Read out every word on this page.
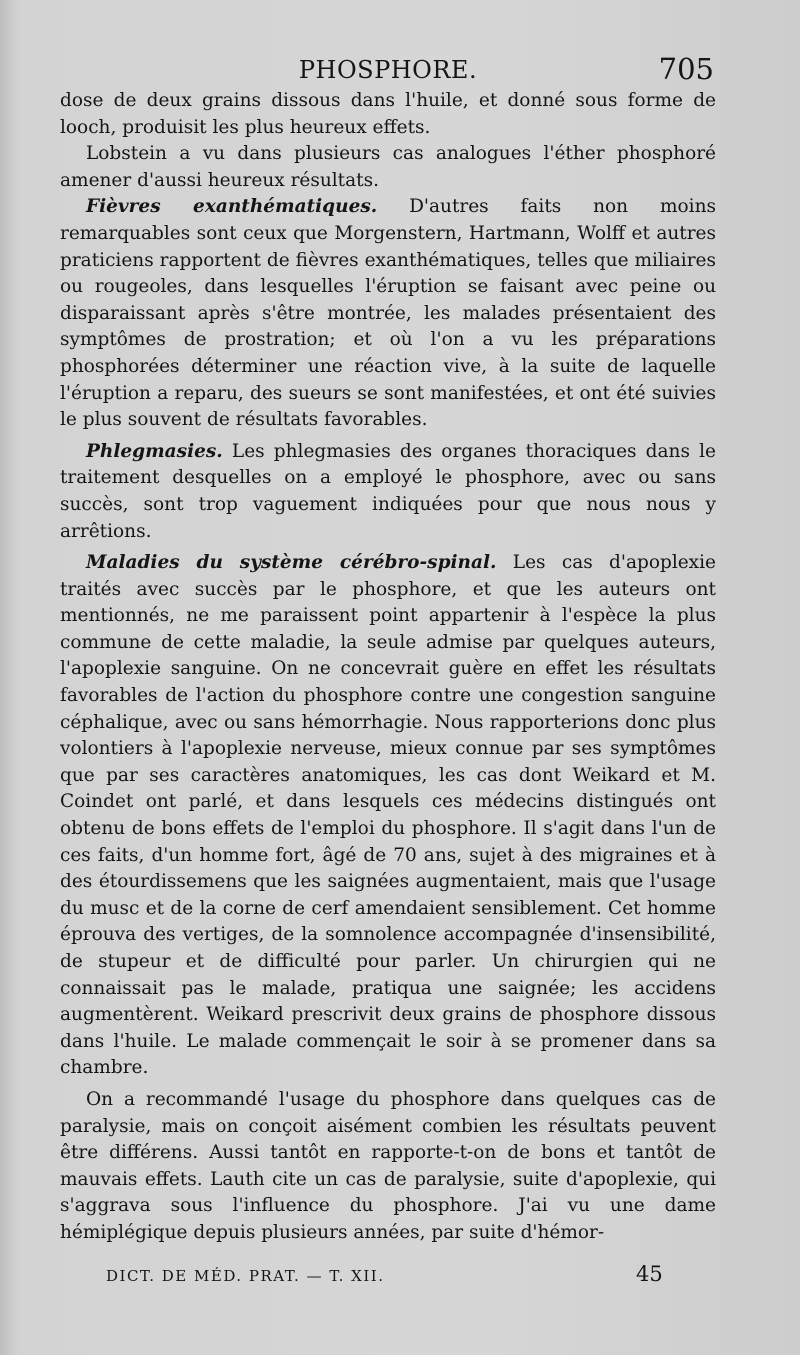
PHOSPHORE.	705

dose de deux grains dissous dans l'huile, et donné sous forme de looch, produisit les plus heureux effets.

Lobstein a vu dans plusieurs cas analogues l'éther phosphoré amener d'aussi heureux résultats.

Fièvres exanthématiques. D'autres faits non moins remarquables sont ceux que Morgenstern, Hartmann, Wolff et autres praticiens rapportent de fièvres exanthématiques, telles que miliaires ou rougeoles, dans lesquelles l'éruption se faisant avec peine ou disparaissant après s'être montrée, les malades présentaient des symptômes de prostration; et où l'on a vu les préparations phosphorées déterminer une réaction vive, à la suite de laquelle l'éruption a reparu, des sueurs se sont manifestées, et ont été suivies le plus souvent de résultats favorables.

Phlegmasies. Les phlegmasies des organes thoraciques dans le traitement desquelles on a employé le phosphore, avec ou sans succès, sont trop vaguement indiquées pour que nous nous y arrêtions.

Maladies du système cérébro-spinal. Les cas d'apoplexie traités avec succès par le phosphore, et que les auteurs ont mentionnés, ne me paraissent point appartenir à l'espèce la plus commune de cette maladie, la seule admise par quelques auteurs, l'apoplexie sanguine. On ne concevrait guère en effet les résultats favorables de l'action du phosphore contre une congestion sanguine céphalique, avec ou sans hémorrhagie. Nous rapporterions donc plus volontiers à l'apoplexie nerveuse, mieux connue par ses symptômes que par ses caractères anatomiques, les cas dont Weikard et M. Coindet ont parlé, et dans lesquels ces médecins distingués ont obtenu de bons effets de l'emploi du phosphore. Il s'agit dans l'un de ces faits, d'un homme fort, âgé de 70 ans, sujet à des migraines et à des étourdissemens que les saignées augmentaient, mais que l'usage du musc et de la corne de cerf amendaient sensiblement. Cet homme éprouva des vertiges, de la somnolence accompagnée d'insensibilité, de stupeur et de difficulté pour parler. Un chirurgien qui ne connaissait pas le malade, pratiqua une saignée; les accidens augmentèrent. Weikard prescrivit deux grains de phosphore dissous dans l'huile. Le malade commençait le soir à se promener dans sa chambre.

On a recommandé l'usage du phosphore dans quelques cas de paralysie, mais on conçoit aisément combien les résultats peuvent être différens. Aussi tantôt en rapporte-t-on de bons et tantôt de mauvais effets. Lauth cite un cas de paralysie, suite d'apoplexie, qui s'aggrava sous l'influence du phosphore. J'ai vu une dame hémiplégique depuis plusieurs années, par suite d'hémor-

DICT. DE MÉD. PRAT. — T. XII.	45
